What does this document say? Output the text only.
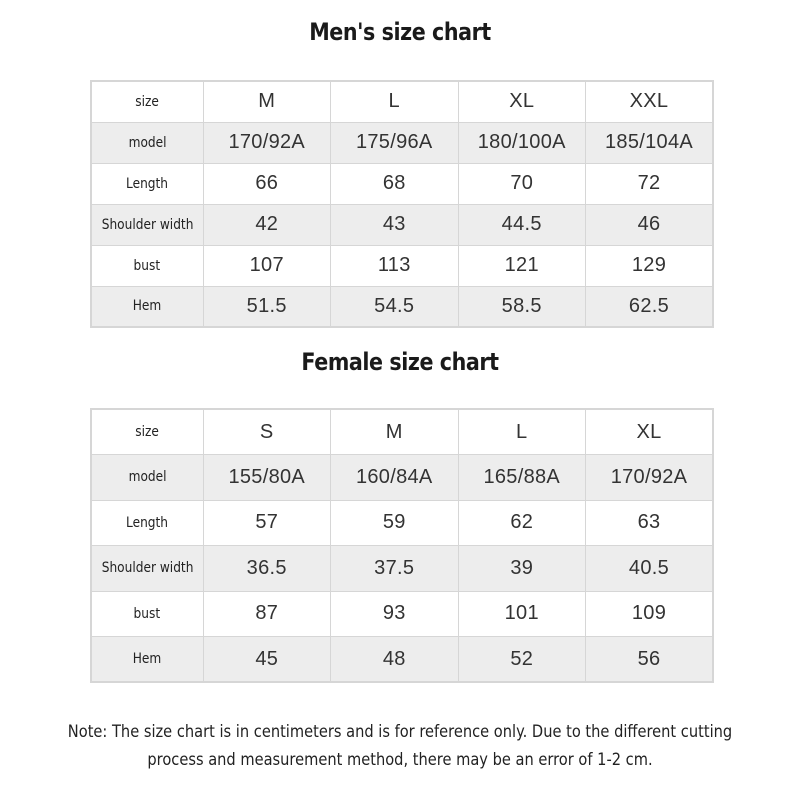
Men's size chart
size	M	L	XL	XXL
model	170/92A	175/96A	180/100A	185/104A
Length	66	68	70	72
Shoulder width	42	43	44.5	46
bust	107	113	121	129
Hem	51.5	54.5	58.5	62.5
Female size chart
size	S	M	L	XL
model	155/80A	160/84A	165/88A	170/92A
Length	57	59	62	63
Shoulder width	36.5	37.5	39	40.5
bust	87	93	101	109
Hem	45	48	52	56
Note: The size chart is in centimeters and is for reference only. Due to the different cutting
process and measurement method, there may be an error of 1-2 cm.
